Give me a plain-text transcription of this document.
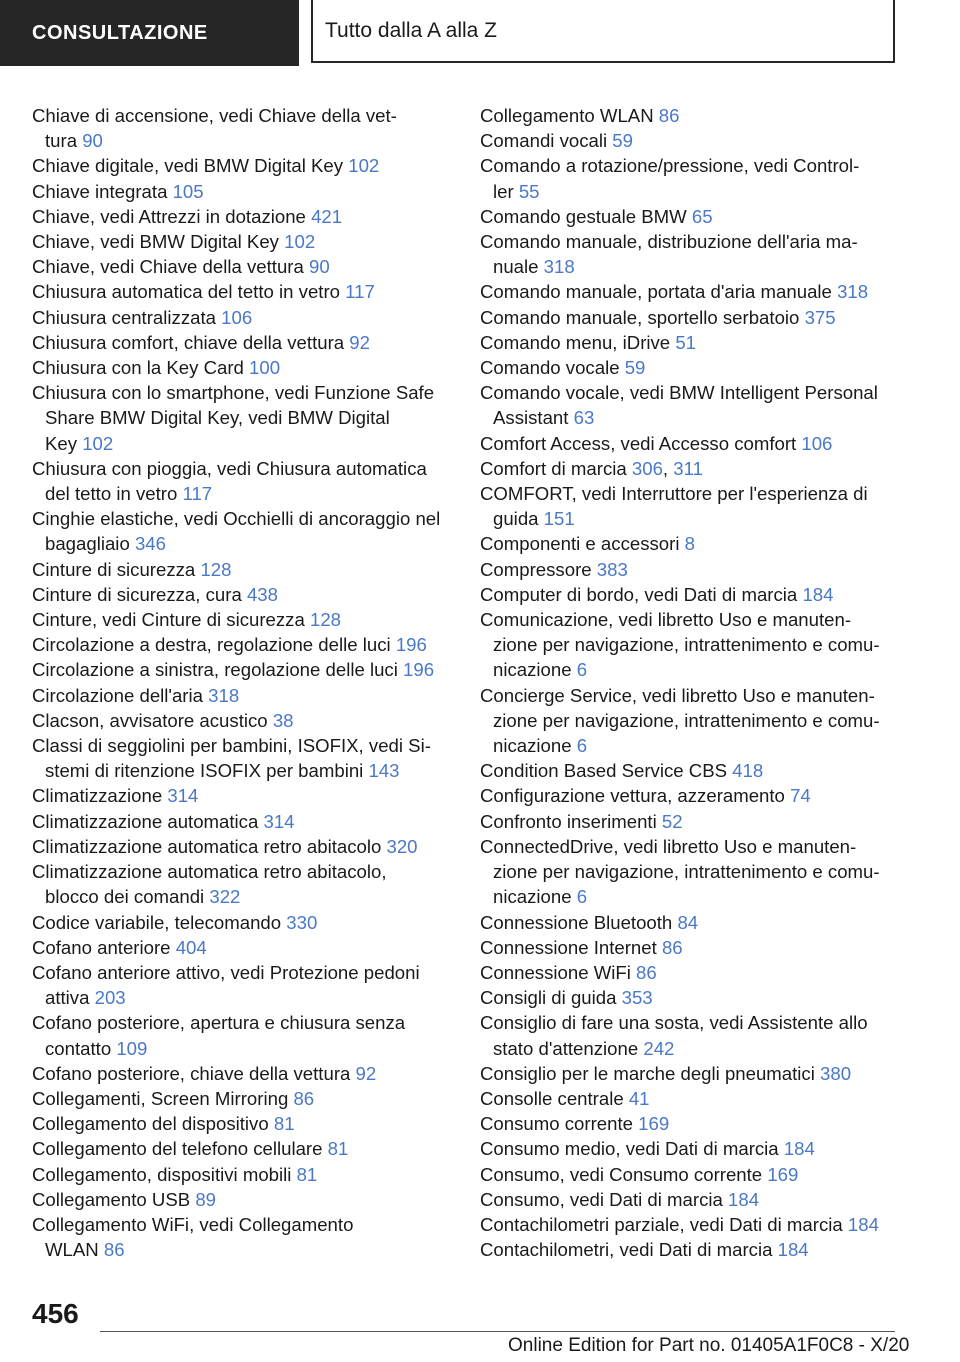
CONSULTAZIONE	Tutto dalla A alla Z
Chiave di accensione, vedi Chiave della vet-
tura 90
Chiave digitale, vedi BMW Digital Key 102
Chiave integrata 105
Chiave, vedi Attrezzi in dotazione 421
Chiave, vedi BMW Digital Key 102
Chiave, vedi Chiave della vettura 90
Chiusura automatica del tetto in vetro 117
Chiusura centralizzata 106
Chiusura comfort, chiave della vettura 92
Chiusura con la Key Card 100
Chiusura con lo smartphone, vedi Funzione Safe
Share BMW Digital Key, vedi BMW Digital
Key 102
Chiusura con pioggia, vedi Chiusura automatica
del tetto in vetro 117
Cinghie elastiche, vedi Occhielli di ancoraggio nel
bagagliaio 346
Cinture di sicurezza 128
Cinture di sicurezza, cura 438
Cinture, vedi Cinture di sicurezza 128
Circolazione a destra, regolazione delle luci 196
Circolazione a sinistra, regolazione delle luci 196
Circolazione dell'aria 318
Clacson, avvisatore acustico 38
Classi di seggiolini per bambini, ISOFIX, vedi Si-
stemi di ritenzione ISOFIX per bambini 143
Climatizzazione 314
Climatizzazione automatica 314
Climatizzazione automatica retro abitacolo 320
Climatizzazione automatica retro abitacolo,
blocco dei comandi 322
Codice variabile, telecomando 330
Cofano anteriore 404
Cofano anteriore attivo, vedi Protezione pedoni
attiva 203
Cofano posteriore, apertura e chiusura senza
contatto 109
Cofano posteriore, chiave della vettura 92
Collegamenti, Screen Mirroring 86
Collegamento del dispositivo 81
Collegamento del telefono cellulare 81
Collegamento, dispositivi mobili 81
Collegamento USB 89
Collegamento WiFi, vedi Collegamento
WLAN 86
Collegamento WLAN 86
Comandi vocali 59
Comando a rotazione/pressione, vedi Control-
ler 55
Comando gestuale BMW 65
Comando manuale, distribuzione dell'aria ma-
nuale 318
Comando manuale, portata d'aria manuale 318
Comando manuale, sportello serbatoio 375
Comando menu, iDrive 51
Comando vocale 59
Comando vocale, vedi BMW Intelligent Personal
Assistant 63
Comfort Access, vedi Accesso comfort 106
Comfort di marcia 306, 311
COMFORT, vedi Interruttore per l'esperienza di
guida 151
Componenti e accessori 8
Compressore 383
Computer di bordo, vedi Dati di marcia 184
Comunicazione, vedi libretto Uso e manuten-
zione per navigazione, intrattenimento e comu-
nicazione 6
Concierge Service, vedi libretto Uso e manuten-
zione per navigazione, intrattenimento e comu-
nicazione 6
Condition Based Service CBS 418
Configurazione vettura, azzeramento 74
Confronto inserimenti 52
ConnectedDrive, vedi libretto Uso e manuten-
zione per navigazione, intrattenimento e comu-
nicazione 6
Connessione Bluetooth 84
Connessione Internet 86
Connessione WiFi 86
Consigli di guida 353
Consiglio di fare una sosta, vedi Assistente allo
stato d'attenzione 242
Consiglio per le marche degli pneumatici 380
Consolle centrale 41
Consumo corrente 169
Consumo medio, vedi Dati di marcia 184
Consumo, vedi Consumo corrente 169
Consumo, vedi Dati di marcia 184
Contachilometri parziale, vedi Dati di marcia 184
Contachilometri, vedi Dati di marcia 184
456
Online Edition for Part no. 01405A1F0C8 - X/20
